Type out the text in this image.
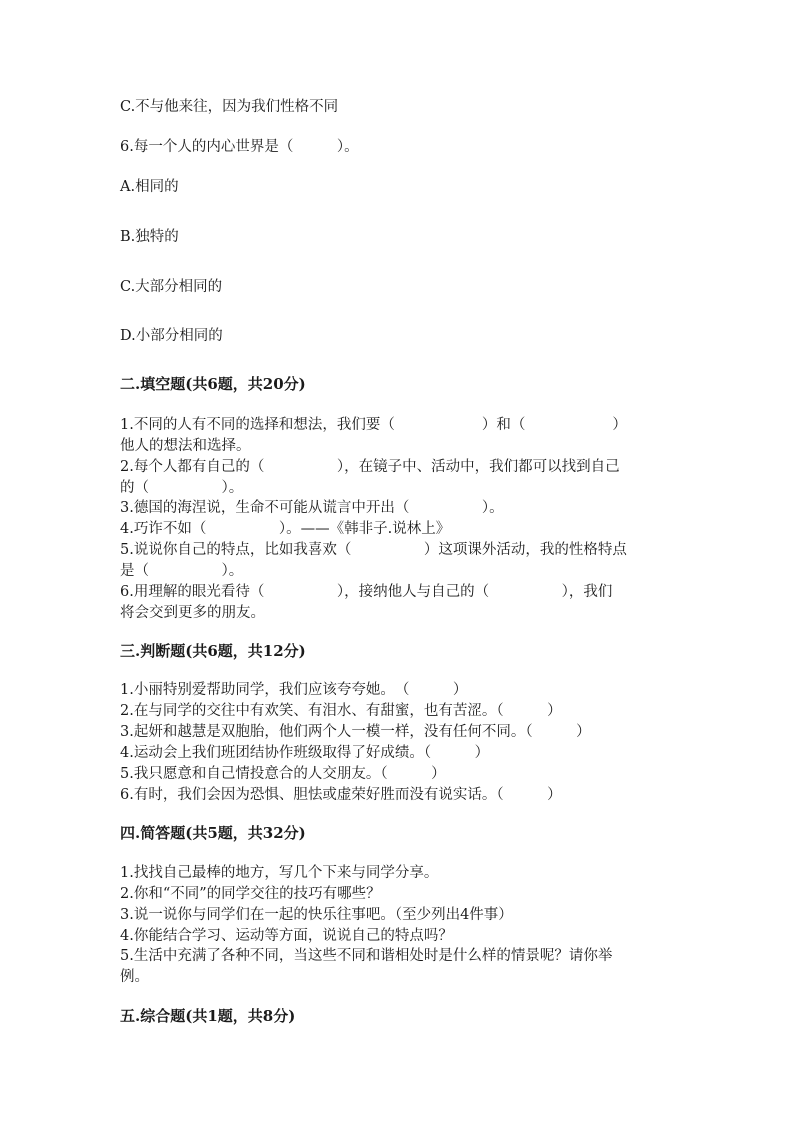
C.不与他来往，因为我们性格不同
6.每一个人的内心世界是（　　　）。
A.相同的
B.独特的
C.大部分相同的
D.小部分相同的
二.填空题(共6题，共20分)
1.不同的人有不同的选择和想法，我们要（　　　　　　）和（　　　　　　）
他人的想法和选择。
2.每个人都有自己的（　　　　　），在镜子中、活动中，我们都可以找到自己
的（　　　　　）。
3.德国的海涅说，生命不可能从谎言中开出（　　　　　）。
4.巧诈不如（　　　　　）。——《韩非子.说林上》
5.说说你自己的特点，比如我喜欢（　　　　　）这项课外活动，我的性格特点
是（　　　　　）。
6.用理解的眼光看待（　　　　　），接纳他人与自己的（　　　　　），我们
将会交到更多的朋友。
三.判断题(共6题，共12分)
1.小丽特别爱帮助同学，我们应该夸夸她。　（　　　）
2.在与同学的交往中有欢笑、有泪水、有甜蜜，也有苦涩。（　　　）
3.起妍和越慧是双胞胎，他们两个人一模一样，没有任何不同。（　　　）
4.运动会上我们班团结协作班级取得了好成绩。（　　　）
5.我只愿意和自己情投意合的人交朋友。（　　　）
6.有时，我们会因为恐惧、胆怯或虚荣好胜而没有说实话。（　　　）
四.简答题(共5题，共32分)
1.找找自己最棒的地方，写几个下来与同学分享。
2.你和“不同”的同学交往的技巧有哪些？
3.说一说你与同学们在一起的快乐往事吧。（至少列出4件事）
4.你能结合学习、运动等方面，说说自己的特点吗？
5.生活中充满了各种不同，当这些不同和谐相处时是什么样的情景呢？请你举
例。
五.综合题(共1题，共8分)
